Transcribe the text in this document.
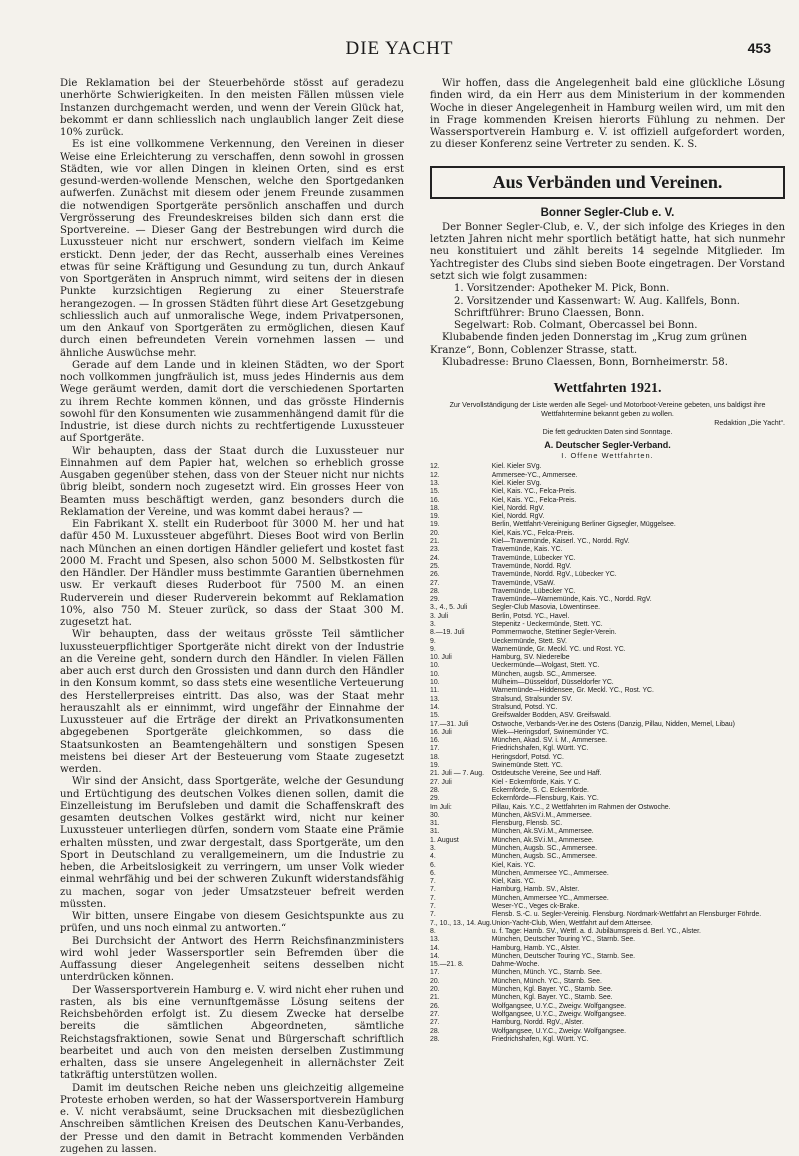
DIE YACHT	453

Die Reklamation bei der Steuerbehörde stösst auf geradezu unerhörte Schwierigkeiten. In den meisten Fällen müssen viele Instanzen durchgemacht werden, und wenn der Verein Glück hat, bekommt er dann schliesslich nach unglaublich langer Zeit diese 10% zurück.

Es ist eine vollkommene Verkennung, den Vereinen in dieser Weise eine Erleichterung zu verschaffen, denn sowohl in grossen Städten, wie vor allen Dingen in kleinen Orten, sind es erst gesund-werden-wollende Menschen, welche den Sportgedanken aufwerfen. Zunächst mit diesem oder jenem Freunde zusammen die notwendigen Sportgeräte persönlich anschaffen und durch Vergrösserung des Freundeskreises bilden sich dann erst die Sportvereine. — Dieser Gang der Bestrebungen wird durch die Luxussteuer nicht nur erschwert, sondern vielfach im Keime erstickt. Denn jeder, der das Recht, ausserhalb eines Vereines etwas für seine Kräftigung und Gesundung zu tun, durch Ankauf von Sportgeräten in Anspruch nimmt, wird seitens der in diesen Punkte kurzsichtigen Regierung zu einer Steuerstrafe herangezogen. — In grossen Städten führt diese Art Gesetzgebung schliesslich auch auf unmoralische Wege, indem Privatpersonen, um den Ankauf von Sportgeräten zu ermöglichen, diesen Kauf durch einen befreundeten Verein vornehmen lassen — und ähnliche Auswüchse mehr.

Gerade auf dem Lande und in kleinen Städten, wo der Sport noch vollkommen jungfräulich ist, muss jedes Hindernis aus dem Wege geräumt werden, damit dort die verschiedenen Sportarten zu ihrem Rechte kommen können, und das grösste Hindernis sowohl für den Konsumenten wie zusammenhängend damit für die Industrie, ist diese durch nichts zu rechtfertigende Luxussteuer auf Sportgeräte.

Wir behaupten, dass der Staat durch die Luxussteuer nur Einnahmen auf dem Papier hat, welchen so erheblich grosse Ausgaben gegenüber stehen, dass von der Steuer nicht nur nichts übrig bleibt, sondern noch zugesetzt wird. Ein grosses Heer von Beamten muss beschäftigt werden, ganz besonders durch die Reklamation der Vereine, und was kommt dabei heraus? —

Ein Fabrikant X. stellt ein Ruderboot für 3000 M. her und hat dafür 450 M. Luxussteuer abgeführt. Dieses Boot wird von Berlin nach München an einen dortigen Händler geliefert und kostet fast 2000 M. Fracht und Spesen, also schon 5000 M. Selbstkosten für den Händler. Der Händler muss bestimmte Garantien übernehmen usw. Er verkauft dieses Ruderboot für 7500 M. an einen Ruderverein und dieser Ruderverein bekommt auf Reklamation 10%, also 750 M. Steuer zurück, so dass der Staat 300 M. zugesetzt hat.

Wir behaupten, dass der weitaus grösste Teil sämtlicher luxussteuerpflichtiger Sportgeräte nicht direkt von der Industrie an die Vereine geht, sondern durch den Händler. In vielen Fällen aber auch erst durch den Grossisten und dann durch den Händler in den Konsum kommt, so dass stets eine wesentliche Verteuerung des Herstellerpreises eintritt. Das also, was der Staat mehr herauszahlt als er einnimmt, wird ungefähr der Einnahme der Luxussteuer auf die Erträge der direkt an Privatkonsumenten abgegebenen Sportgeräte gleichkommen, so dass die Staatsunkosten an Beamtengehältern und sonstigen Spesen meistens bei dieser Art der Besteuerung vom Staate zugesetzt werden.

Wir sind der Ansicht, dass Sportgeräte, welche der Gesundung und Ertüchtigung des deutschen Volkes dienen sollen, damit die Einzelleistung im Berufsleben und damit die Schaffenskraft des gesamten deutschen Volkes gestärkt wird, nicht nur keiner Luxussteuer unterliegen dürfen, sondern vom Staate eine Prämie erhalten müssten, und zwar dergestalt, dass Sportgeräte, um den Sport in Deutschland zu verallgemeinern, um die Industrie zu heben, die Arbeitslosigkeit zu verringern, um unser Volk wieder einmal wehrfähig und bei der schweren Zukunft widerstandsfähig zu machen, sogar von jeder Umsatzsteuer befreit werden müssten.

Wir bitten, unsere Eingabe von diesem Gesichtspunkte aus zu prüfen, und uns noch einmal zu antworten.“

Bei Durchsicht der Antwort des Herrn Reichsfinanzministers wird wohl jeder Wassersportler sein Befremden über die Auffassung dieser Angelegenheit seitens desselben nicht unterdrücken können.

Der Wassersportverein Hamburg e. V. wird nicht eher ruhen und rasten, als bis eine vernunftgemässe Lösung seitens der Reichsbehörden erfolgt ist. Zu diesem Zwecke hat derselbe bereits die sämtlichen Abgeordneten, sämtliche Reichstagsfraktionen, sowie Senat und Bürgerschaft schriftlich bearbeitet und auch von den meisten derselben Zustimmung erhalten, dass sie unsere Angelegenheit in allernächster Zeit tatkräftig unterstützen wollen.

Damit im deutschen Reiche neben uns gleichzeitig allgemeine Proteste erhoben werden, so hat der Wassersportverein Hamburg e. V. nicht verabsäumt, seine Drucksachen mit diesbezüglichen Anschreiben sämtlichen Kreisen des Deutschen Kanu-Verbandes, der Presse und den damit in Betracht kommenden Verbänden zugehen zu lassen.

Wir hoffen, dass die Angelegenheit bald eine glückliche Lösung finden wird, da ein Herr aus dem Ministerium in der kommenden Woche in dieser Angelegenheit in Hamburg weilen wird, um mit den in Frage kommenden Kreisen hierorts Fühlung zu nehmen. Der Wassersportverein Hamburg e. V. ist offiziell aufgefordert worden, zu dieser Konferenz seine Vertreter zu senden. K. S.

Aus Verbänden und Vereinen.
Bonner Segler-Club e. V.

Der Bonner Segler-Club, e. V., der sich infolge des Krieges in den letzten Jahren nicht mehr sportlich betätigt hatte, hat sich nunmehr neu konstituiert und zählt bereits 14 segelnde Mitglieder. Im Yachtregister des Clubs sind sieben Boote eingetragen. Der Vorstand setzt sich wie folgt zusammen:

1. Vorsitzender: Apotheker M. Pick, Bonn.
2. Vorsitzender und Kassenwart: W. Aug. Kallfels, Bonn.
Schriftführer: Bruno Claessen, Bonn.
Segelwart: Rob. Colmant, Obercassel bei Bonn.

Klubabende finden jeden Donnerstag im „Krug zum grünen Kranze“, Bonn, Coblenzer Strasse, statt.

Klubadresse: Bruno Claessen, Bonn, Bornheimerstr. 58.

Wettfahrten 1921.

Zur Vervollständigung der Liste werden alle Segel- und Motorboot-Vereine gebeten, uns baldigst ihre Wettfahrtermine bekannt geben zu wollen.

Redaktion „Die Yacht“.

Die fett gedruckten Daten sind Sonntage.

A. Deutscher Segler-Verband.
I. Offene Wettfahrten.
12.	Kiel. Kieler SVg.
12.	Ammersee-YC., Ammersee.
13.	Kiel. Kieler SVg.
15.	Kiel, Kais. YC., Felca-Preis.
16.	Kiel, Kais. YC., Felca-Preis.
18.	Kiel, Nordd. RgV.
19.	Kiel, Nordd. RgV.
19.	Berlin, Wettfahrt-Vereinigung Berliner Gigsegler, Müggelsee.
20.	Kiel, Kais.YC., Felca-Preis.
21.	Kiel—Travemünde, Kaiserl. YC., Nordd. RgV.
23.	Travemünde, Kais. YC.
24.	Travemünde, Lübecker YC.
25.	Travemünde, Nordd. RgV.
26.	Travemünde, Nordd. RgV., Lübecker YC.
27.	Travemünde, VSaW.
28.	Travemünde, Lübecker YC.
29.	Travemünde—Warnemünde, Kais. YC., Nordd. RgV.
3., 4., 5. Juli	Segler-Club Masovia, Löwentinsee.
3. Juli	Berlin, Potsd. YC., Havel.
3.	Stepenitz - Ueckermünde, Stett. YC.
8.—19. Juli	Pommernwoche, Stettiner Segler-Verein.
9.	Ueckermünde, Stett. SV.
9.	Warnemünde, Gr. Meckl. YC. und Rost. YC.
10. Juli	Hamburg, SV. Niederelbe
10.	Ueckermünde—Wolgast, Stett. YC.
10.	München, augsb. SC., Ammersee.
10.	Mülheim—Düsseldorf, Düsseldorfer YC.
11.	Warnemünde—Hiddensee, Gr. Meckl. YC., Rost. YC.
13.	Stralsund, Stralsunder SV.
14.	Stralsund, Potsd. YC.
15.	Greifswalder Bodden, ASV. Greifswald.
17.—31. Juli	Ostwoche, Verbands-Ver.ine des Ostens (Danzig, Pillau, Nidden, Memel, Libau)
16. Juli	Wiek—Heringsdorf, Swinemünder YC.
16.	München, Akad. SV. i. M., Ammersee.
17.	Friedrichshafen, Kgl. Württ. YC.
18.	Heringsdorf, Potsd. YC.
19.	Swinemünde Stett. YC.
21. Juli — 7. Aug.	Ostdeutsche Vereine, See und Haff.
27. Juli	Kiel - Eckernförde, Kais. Y C.
28.	Eckernförde, S. C. Eckernförde.
29.	Eckernförde—Flensburg, Kais. YC.
Im Juli:	Pillau, Kais. Y.C., 2 Wettfahrten im Rahmen der Ostwoche.
30.	München, AkSV.i.M., Ammersee.
31.	Flensburg, Flensb. SC.
31.	München, Ak.SV.i.M., Ammersee.
1. August	München, Ak.SV.i.M., Ammersee.
3.	München, Augsb. SC., Ammersee.
4.	München, Augsb. SC., Ammersee.
6.	Kiel, Kais. YC.
6.	München, Ammersee YC., Ammersee.
7.	Kiel, Kais. YC.
7.	Hamburg, Hamb. SV., Alster.
7.	München, Ammersee YC., Ammersee.
7.	Weser-YC., Veges ck-Brake.
7.	Flensb. S.-C. u. Segler-Vereinig. Flensburg. Nordmark-Wettfahrt an Flensburger Föhrde.
7., 10., 13., 14. Aug.	Union-Yacht-Club, Wien, Wettfahrt auf dem Attersee.
8.	u. f. Tage: Hamb. SV., Wettf. a. d. Jubiläumspreis d. Berl. YC., Alster.
13.	München, Deutscher Touring YC., Starnb. See.
14.	Hamburg, Hamb. YC., Alster.
14.	München, Deutscher Touring YC., Starnb. See.
15.—21. 8.	Dahme-Woche.
17.	München, Münch. YC., Starnb. See.
20.	München, Münch. YC., Starnb. See.
20.	München, Kgl. Bayer. YC., Starnb. See.
21.	München, Kgl. Bayer. YC., Starnb. See.
26.	Wolfgangsee, U.Y.C., Zweigv. Wolfgangsee.
27.	Wolfgangsee, U.Y.C., Zweigv. Wolfgangsee.
27.	Hamburg, Nordd. RgV., Alster.
28.	Wolfgangsee, U.Y.C., Zweigv. Wolfgangsee.
28.	Friedrichshafen, Kgl. Württ. YC.
